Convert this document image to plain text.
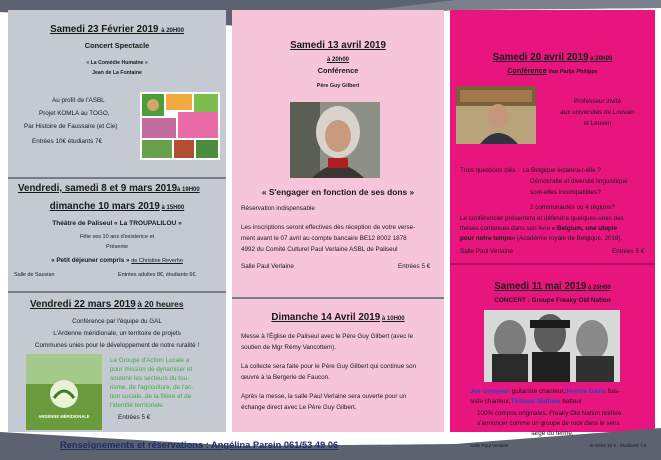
Samedi 23 Février 2019 à 20H00
Concert Spectacle
« La Comédie Humaine »
Jean de La Fontaine
Au profit de l'ASBL
Projet KOMLA au TOGO,
Par Histoire de Faussaire (et Cie)
Entrées 10€ étudiants 7€
Vendredi, samedi 8 et 9 mars 2019à 19H00
dimanche 10 mars 2019 à 15H00
Théâtre de Paliseul « La TROUPALILOU »
Fête ses 10 ans d'existence et
Présente
« Petit déjeuner compris » de Christine Reverho
Salle de Sauvian	Entrées adultes 8€, étudiants 6€.
Vendredi 22 mars 2019 à 20 heures
Conférence par l'équipe du GAL
L'Ardenne méridionale, un territoire de projets
Communes unies pour le développement de notre ruralité !
ARDENNE MÉRIDIONALE
Le Groupe d'Action Locale a
pour mission de dynamiser et
soutenir les secteurs du tou-
risme, de l'agriculture, de l'ac-
tion sociale, de la filière et de
l'identité territoriale.
Entrées 5 €
Samedi 13 avril 2019
à 20h00
Conférence
Père Guy Gilbert
« S'engager en fonction de ses dons »
Réservation indispensable
Les inscriptions seront effectives dès réception de votre verse-
ment avant le 07 avril au compte bancaire BE12 8002 1878
4992 du Comité Culturel Paul Verlaine ASBL de Paliseul
Salle Paul Verlaine	Entrées 5 €
Dimanche 14 Avril 2019 à 10H00
Messe à l'Église de Paliseul avec le Père Guy Gilbert (avec le
soutien de Mgr Rémy Vancottem).
La collecte sera faite pour le Père Guy Gilbert qui continue son
œuvre à la Bergerie de Faucon.
Après la messe, la salle Paul Verlaine sera ouverte pour un
échange direct avec Le Père Guy Gilbert.
Samedi 20 avril 2019 à 20h00
Conférence Van Parijs Philippe
Professeur invité
aux universités de Louvain
et Leuven
Trois questions clés : La Belgique éclatera-t-elle ?
Démocratie et diversité linguistique
sont-elles incompatibles?
2 communautés ou 4 régions?
Le conférencier présentera et défendra quelques-unes des
thèses contenues dans son livre « Belgium, une utopie
pour notre temps» (Académie royale de Belgique, 2018).
Salle Paul Verlaine	Entrées 5 €
Samedi 11 mai 2019 à 20H00
CONCERT : Groupe Freaky Old Nation
Joe Grosjean guitariste chanteur,Jérôme Davio bas-
siste chanteur,Thibaud Mathieu batteur
100% compos originales, Freaky Old Nation préfère
s'annoncer comme un groupe de rock dans le sens
large du terme.
Salle Paul Verlaine	Entrées 10 € - étudiants 7 €
Renseignements et réservations : Angélina Parein 061/53 49 06
